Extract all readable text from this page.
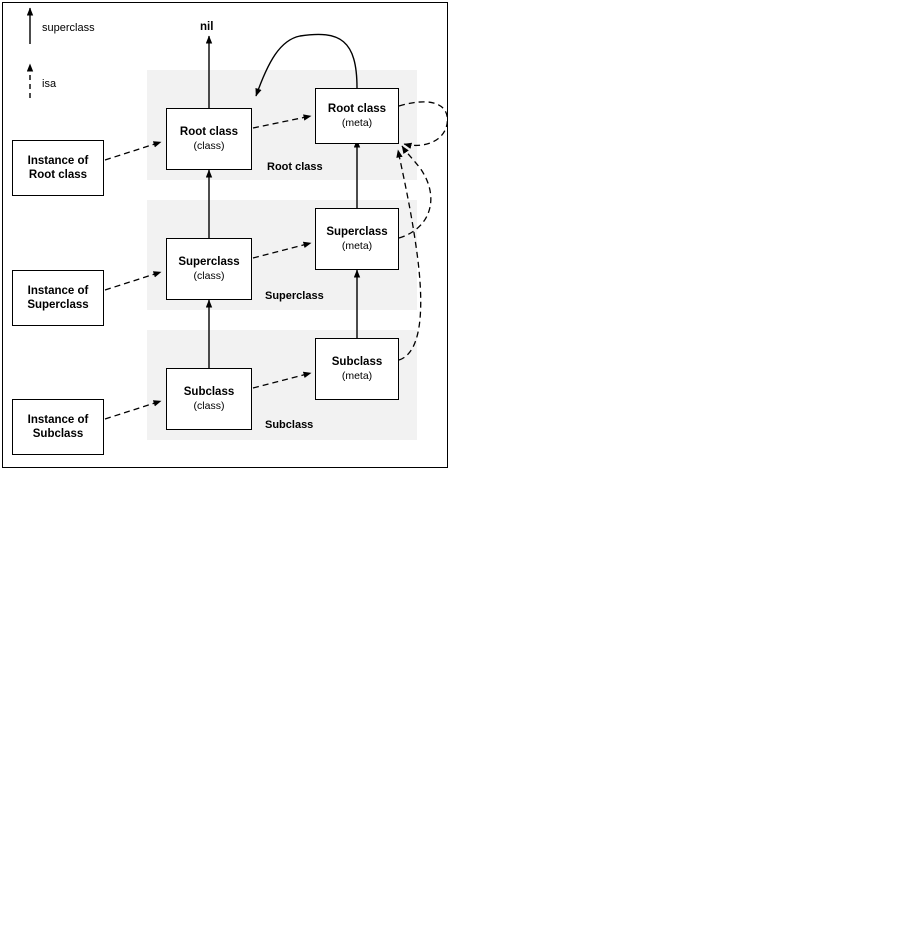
Root class
Superclass
Subclass
superclass
isa
nil
Instance of
Root class
Instance of
Superclass
Instance of
Subclass
Root class
(class)
Superclass
(class)
Subclass
(class)
Root class
(meta)
Superclass
(meta)
Subclass
(meta)
